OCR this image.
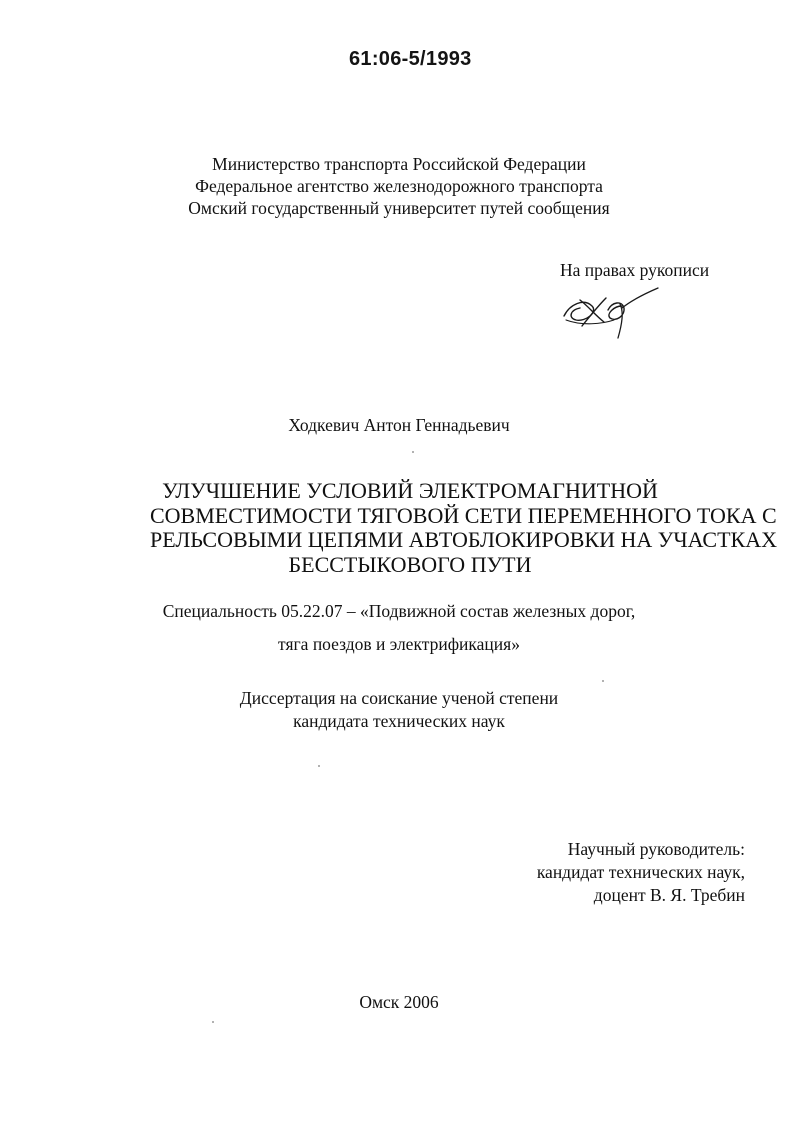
61:06-5/1993
Министерство транспорта Российской Федерации
Федеральное агентство железнодорожного транспорта
Омский государственный университет путей сообщения
На правах рукописи
Ходкевич Антон Геннадьевич
УЛУЧШЕНИЕ УСЛОВИЙ ЭЛЕКТРОМАГНИТНОЙ
СОВМЕСТИМОСТИ ТЯГОВОЙ СЕТИ ПЕРЕМЕННОГО ТОКА С
РЕЛЬСОВЫМИ ЦЕПЯМИ АВТОБЛОКИРОВКИ НА УЧАСТКАХ
БЕССТЫКОВОГО ПУТИ
Специальность 05.22.07 – «Подвижной состав железных дорог,
тяга поездов и электрификация»
Диссертация на соискание ученой степени
кандидата технических наук
Научный руководитель:
кандидат технических наук,
доцент В. Я. Требин
Омск 2006
